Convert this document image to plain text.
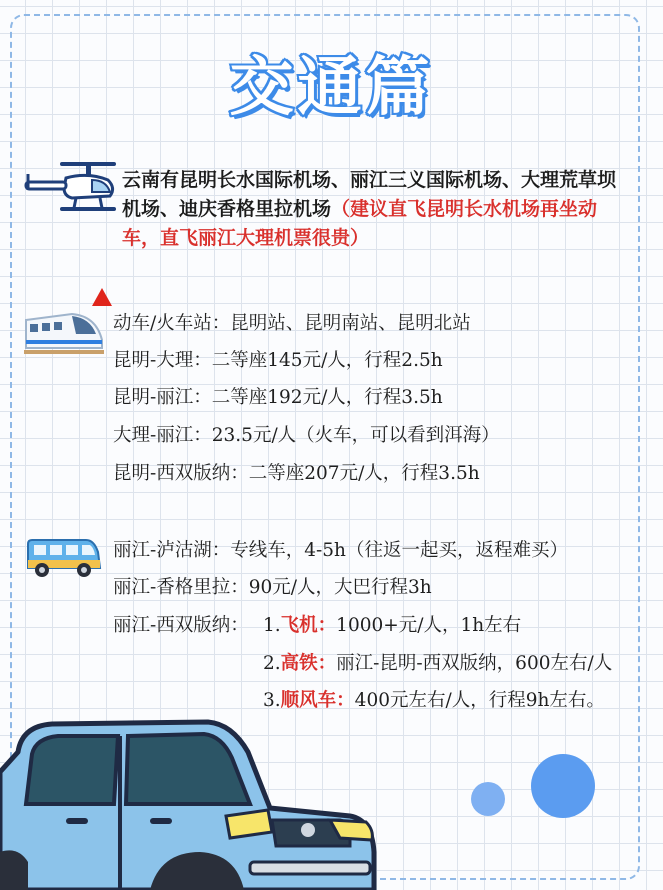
交通篇
云南有昆明长水国际机场、丽江三义国际机场、大理荒草坝机场、迪庆香格里拉机场（建议直飞昆明长水机场再坐动车，直飞丽江大理机票很贵）
动车/火车站：昆明站、昆明南站、昆明北站
昆明-大理：二等座145元/人，行程2.5h
昆明-丽江：二等座192元/人，行程3.5h
大理-丽江：23.5元/人（火车，可以看到洱海）
昆明-西双版纳：二等座207元/人，行程3.5h
丽江-泸沽湖：专线车，4-5h（往返一起买，返程难买）
丽江-香格里拉：90元/人，大巴行程3h
丽江-西双版纳： 1.飞机：1000+元/人，1h左右
2.高铁：丽江-昆明-西双版纳，600左右/人
3.顺风车：400元左右/人，行程9h左右。
